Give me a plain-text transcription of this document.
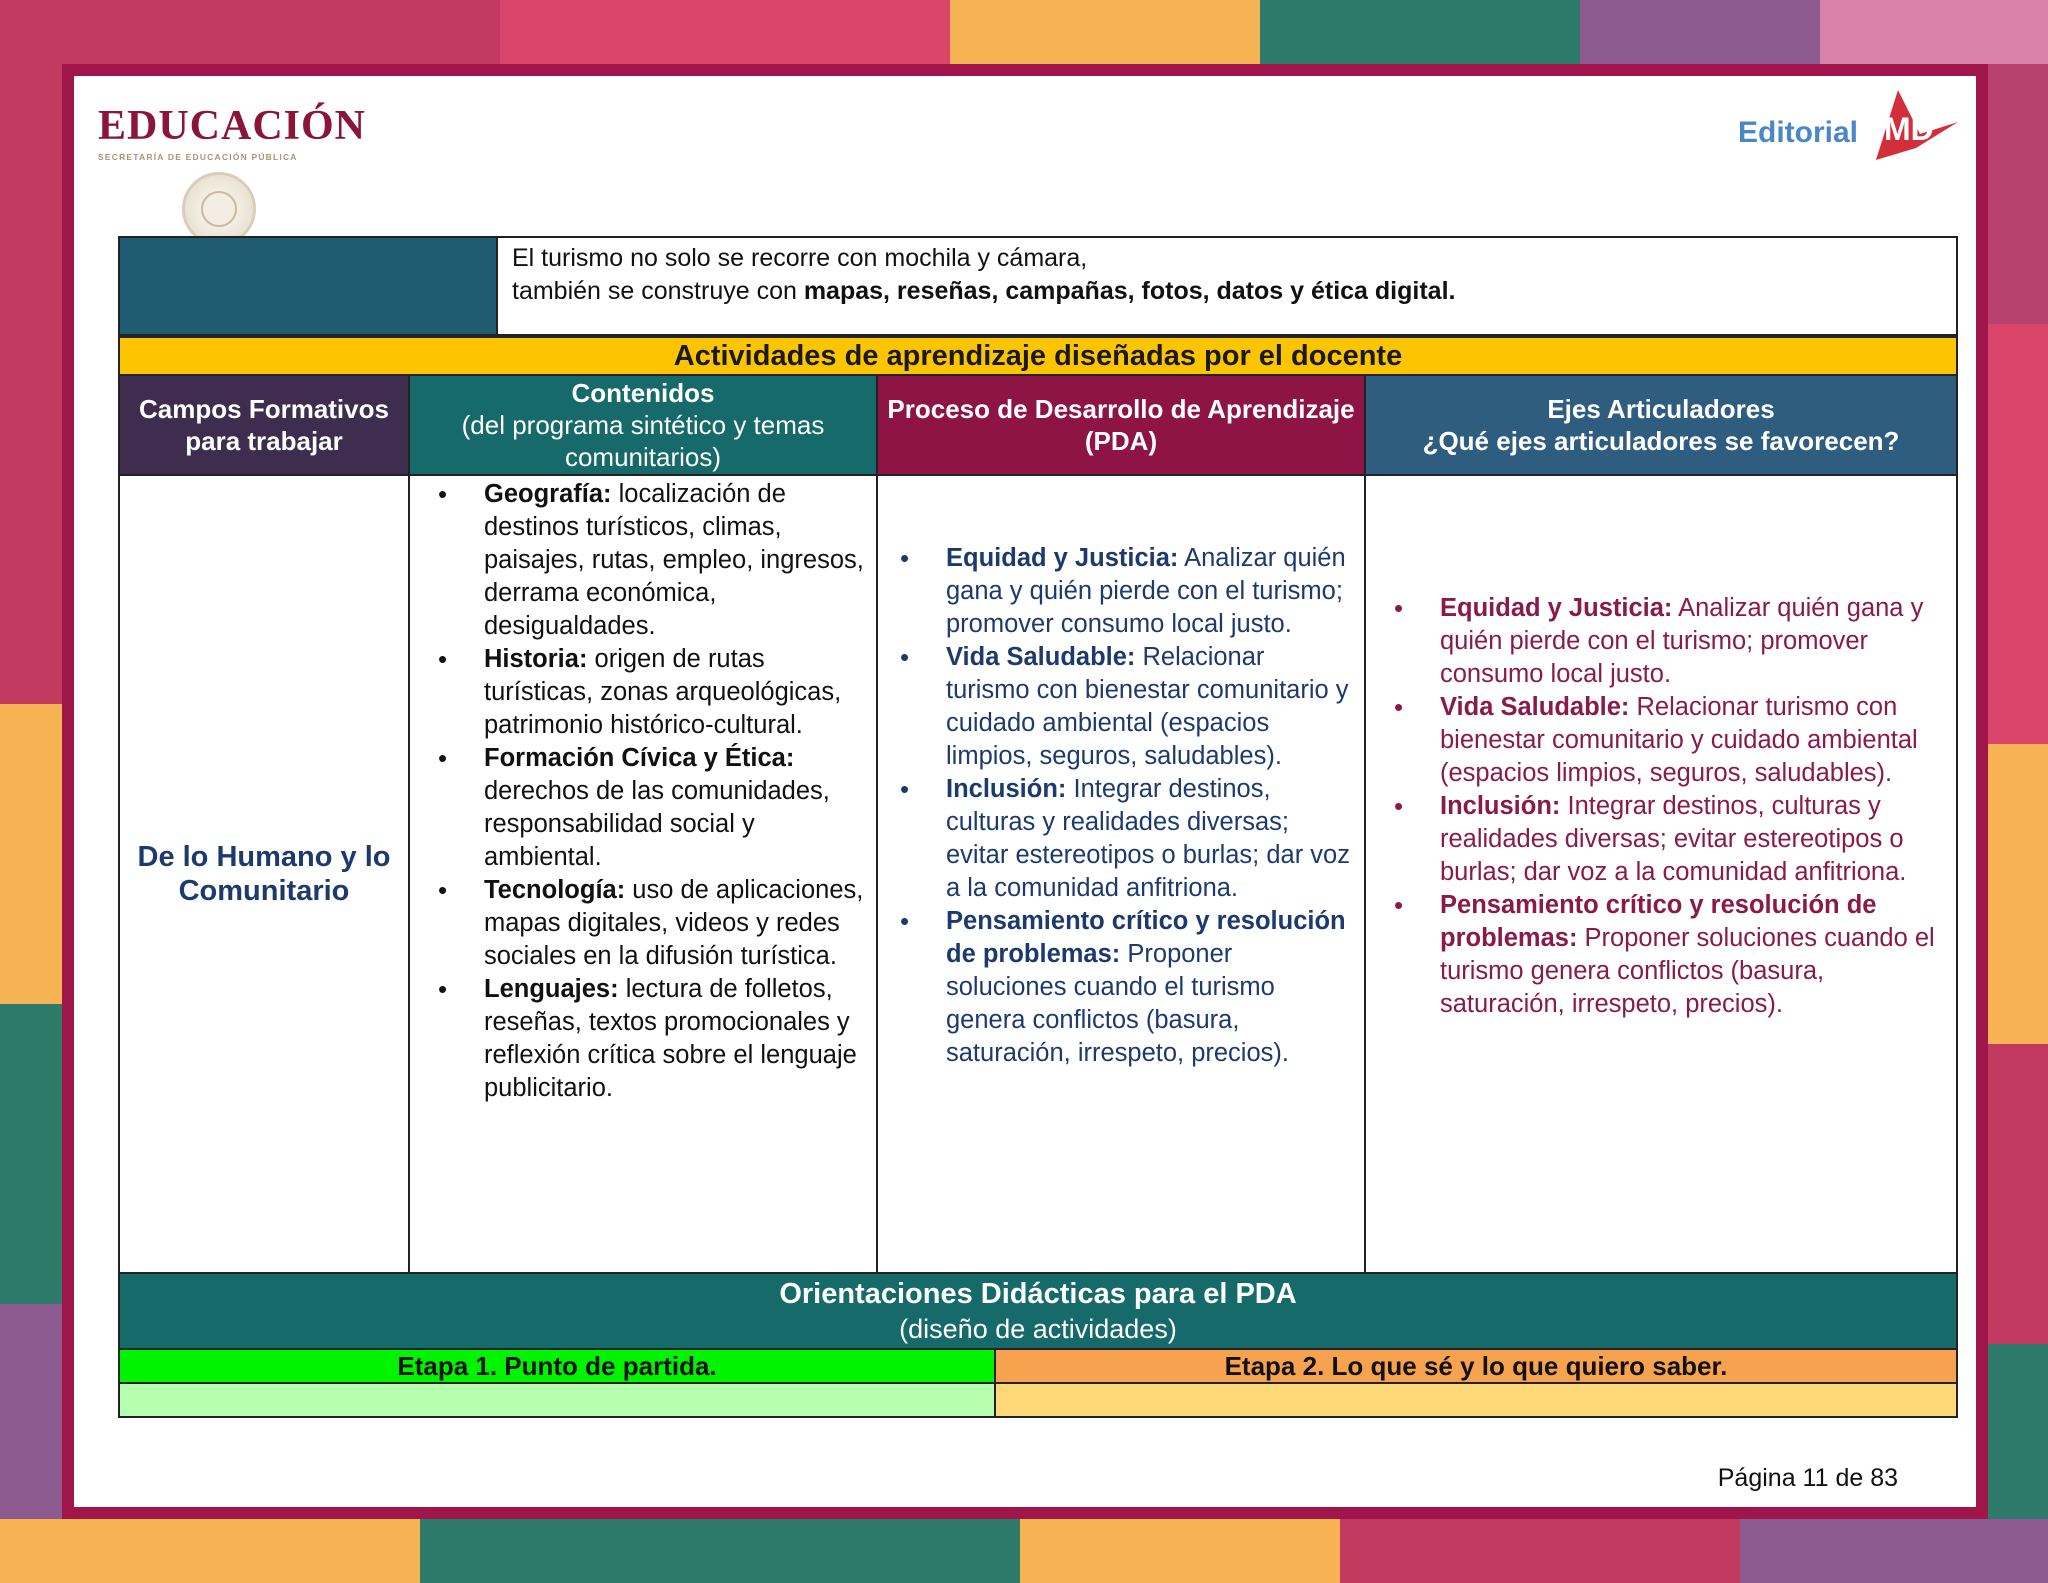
EDUCACIÓN
SECRETARÍA DE EDUCACIÓN PÚBLICA
Editorial MD
El turismo no solo se recorre con mochila y cámara,
también se construye con mapas, reseñas, campañas, fotos, datos y ética digital.
Actividades de aprendizaje diseñadas por el docente
Campos Formativos para trabajar
Contenidos
(del programa sintético y temas comunitarios)
Proceso de Desarrollo de Aprendizaje (PDA)
Ejes Articuladores
¿Qué ejes articuladores se favorecen?
De lo Humano y lo Comunitario
• Geografía: localización de destinos turísticos, climas, paisajes, rutas, empleo, ingresos, derrama económica, desigualdades.
• Historia: origen de rutas turísticas, zonas arqueológicas, patrimonio histórico-cultural.
• Formación Cívica y Ética: derechos de las comunidades, responsabilidad social y ambiental.
• Tecnología: uso de aplicaciones, mapas digitales, videos y redes sociales en la difusión turística.
• Lenguajes: lectura de folletos, reseñas, textos promocionales y reflexión crítica sobre el lenguaje publicitario.
• Equidad y Justicia: Analizar quién gana y quién pierde con el turismo; promover consumo local justo.
• Vida Saludable: Relacionar turismo con bienestar comunitario y cuidado ambiental (espacios limpios, seguros, saludables).
• Inclusión: Integrar destinos, culturas y realidades diversas; evitar estereotipos o burlas; dar voz a la comunidad anfitriona.
• Pensamiento crítico y resolución de problemas: Proponer soluciones cuando el turismo genera conflictos (basura, saturación, irrespeto, precios).
• Equidad y Justicia: Analizar quién gana y quién pierde con el turismo; promover consumo local justo.
• Vida Saludable: Relacionar turismo con bienestar comunitario y cuidado ambiental (espacios limpios, seguros, saludables).
• Inclusión: Integrar destinos, culturas y realidades diversas; evitar estereotipos o burlas; dar voz a la comunidad anfitriona.
• Pensamiento crítico y resolución de problemas: Proponer soluciones cuando el turismo genera conflictos (basura, saturación, irrespeto, precios).
Orientaciones Didácticas para el PDA
(diseño de actividades)
Etapa 1. Punto de partida.	Etapa 2. Lo que sé y lo que quiero saber.
Página 11 de 83
